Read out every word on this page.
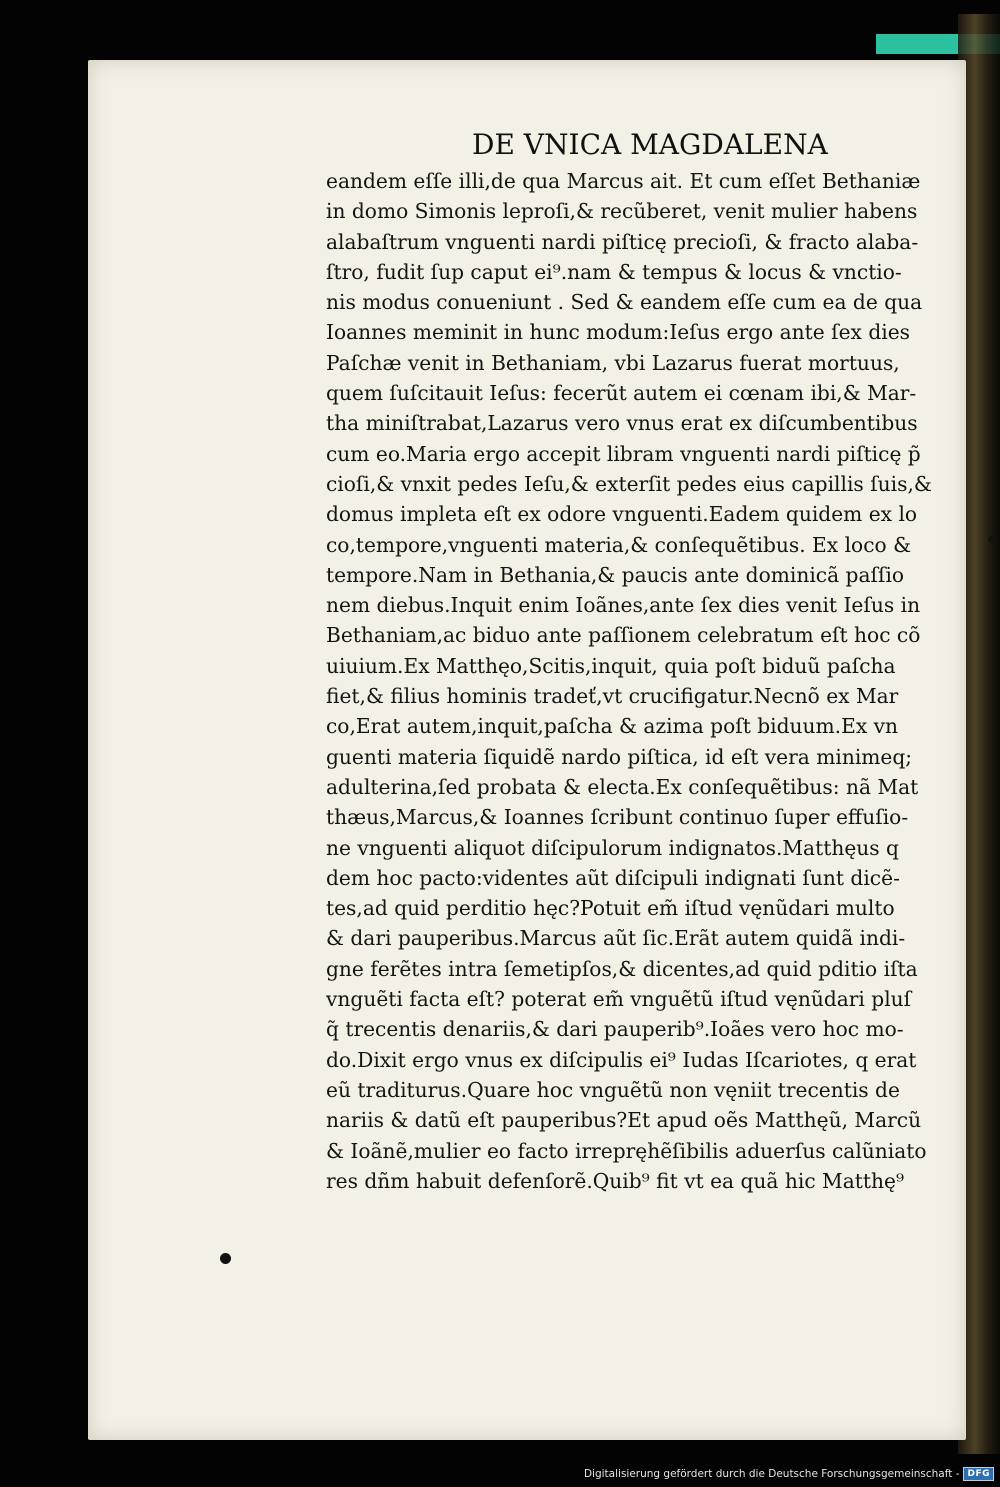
DE VNICA MAGDALENA
eandem eſſe illi,de qua Marcus ait. Et cum eſſet Bethaniæ
in domo Simonis leproſi,& recũberet, venit mulier habens
alabaſtrum vnguenti nardi piſticę precioſi, & fracto alaba-
ſtro, fudit ſup caput ei⁹.nam & tempus & locus & vnctio-
nis modus conueniunt . Sed & eandem eſſe cum ea de qua
Ioannes meminit in hunc modum:Ieſus ergo ante ſex dies
Paſchæ venit in Bethaniam, vbi Lazarus fuerat mortuus,
quem ſuſcitauit Ieſus: fecerũt autem ei cœnam ibi,& Mar-
tha miniſtrabat,Lazarus vero vnus erat ex diſcumbentibus
cum eo.Maria ergo accepit libram vnguenti nardi piſticę p̃
cioſi,& vnxit pedes Ieſu,& exterſit pedes eius capillis ſuis,&
domus impleta eſt ex odore vnguenti.Eadem quidem ex lo
co,tempore,vnguenti materia,& conſequẽtibus. Ex loco &
tempore.Nam in Bethania,& paucis ante dominicã paſſio
nem diebus.Inquit enim Ioãnes,ante ſex dies venit Ieſus in
Bethaniam,ac biduo ante paſſionem celebratum eſt hoc cõ
uiuium.Ex Matthęo,Scitis,inquit, quia poſt biduũ paſcha
fiet,& filius hominis tradeť,vt crucifigatur.Necnõ ex Mar
co,Erat autem,inquit,paſcha & azima poſt biduum.Ex vn
guenti materia ſiquidẽ nardo piſtica, id eſt vera minimeq;
adulterina,ſed probata & electa.Ex conſequẽtibus: nã Mat
thæus,Marcus,& Ioannes ſcribunt continuo ſuper effuſio-
ne vnguenti aliquot diſcipulorum indignatos.Matthęus q
dem hoc pacto:videntes aũt diſcipuli indignati ſunt dicẽ-
tes,ad quid perditio hęc?Potuit em̃ iſtud vęnũdari multo
& dari pauperibus.Marcus aũt ſic.Erãt autem quidã indi-
gne ferẽtes intra ſemetipſos,& dicentes,ad quid pditio iſta
vnguẽti facta eſt? poterat em̃ vnguẽtũ iſtud vęnũdari pluſ
q̃ trecentis denariis,& dari pauperib⁹.Ioães vero hoc mo-
do.Dixit ergo vnus ex diſcipulis ei⁹ Iudas Iſcariotes, q erat
eũ traditurus.Quare hoc vnguẽtũ non vęniit trecentis de
nariis & datũ eſt pauperibus?Et apud oẽs Matthęũ, Marcũ
& Ioãnẽ,mulier eo facto irrepręhẽſibilis aduerſus calũniato
res dñm habuit defenſorẽ.Quib⁹ fit vt ea quã hic Matthę⁹
Digitalisierung gefördert durch die Deutsche Forschungsgemeinschaft - DFG
